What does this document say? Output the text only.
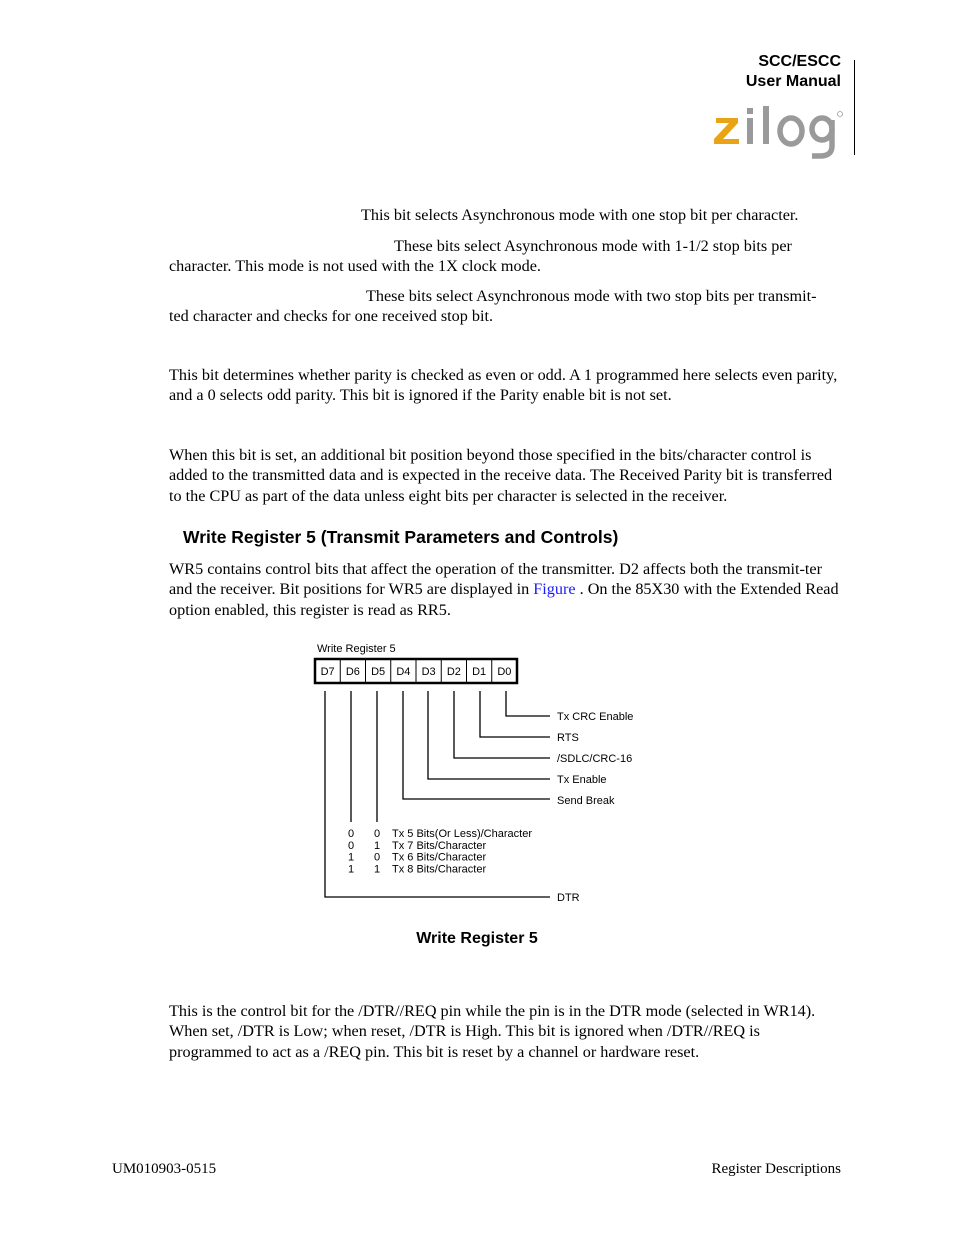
SCC/ESCC
User Manual

This bit selects Asynchronous mode with one stop bit per character.

These bits select Asynchronous mode with 1-1/2 stop bits per
character. This mode is not used with the 1X clock mode.

These bits select Asynchronous mode with two stop bits per transmit-
ted character and checks for one received stop bit.

This bit determines whether parity is checked as even or odd. A 1 programmed here selects even parity, and a 0 selects odd parity. This bit is ignored if the Parity enable bit is not set.

When this bit is set, an additional bit position beyond those specified in the bits/character control is added to the transmitted data and is expected in the receive data. The Received Parity bit is transferred to the CPU as part of the data unless eight bits per character is selected in the receiver.

Write Register 5 (Transmit Parameters and Controls)

WR5 contains control bits that affect the operation of the transmitter. D2 affects both the transmit-ter and the receiver. Bit positions for WR5 are displayed in Figure . On the 85X30 with the Extended Read option enabled, this register is read as RR5.

Write Register 5
D7 D6 D5 D4 D3 D2 D1 D0
Tx CRC Enable
RTS
/SDLC/CRC-16
Tx Enable
Send Break
DTR
0 0 Tx 5 Bits(Or Less)/Character
0 1 Tx 7 Bits/Character
1 0 Tx 6 Bits/Character
1 1 Tx 8 Bits/Character
Write Register 5

This is the control bit for the /DTR//REQ pin while the pin is in the DTR mode (selected in WR14). When set, /DTR is Low; when reset, /DTR is High. This bit is ignored when /DTR//REQ is programmed to act as a /REQ pin. This bit is reset by a channel or hardware reset.

UM010903-0515	Register Descriptions
